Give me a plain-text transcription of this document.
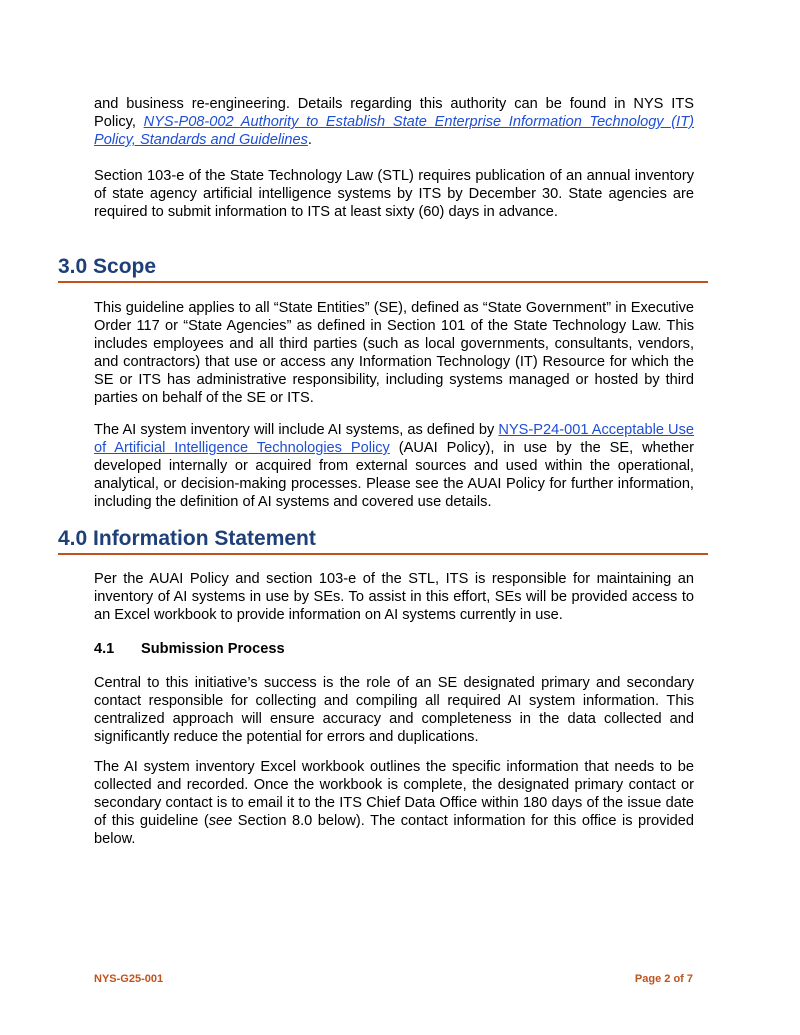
and business re-engineering. Details regarding this authority can be found in NYS ITS Policy, NYS-P08-002 Authority to Establish State Enterprise Information Technology (IT) Policy, Standards and Guidelines.

Section 103-e of the State Technology Law (STL) requires publication of an annual inventory of state agency artificial intelligence systems by ITS by December 30. State agencies are required to submit information to ITS at least sixty (60) days in advance.

3.0 Scope

This guideline applies to all “State Entities” (SE), defined as “State Government” in Executive Order 117 or “State Agencies” as defined in Section 101 of the State Technology Law. This includes employees and all third parties (such as local governments, consultants, vendors, and contractors) that use or access any Information Technology (IT) Resource for which the SE or ITS has administrative responsibility, including systems managed or hosted by third parties on behalf of the SE or ITS.

The AI system inventory will include AI systems, as defined by NYS-P24-001 Acceptable Use of Artificial Intelligence Technologies Policy (AUAI Policy), in use by the SE, whether developed internally or acquired from external sources and used within the operational, analytical, or decision-making processes. Please see the AUAI Policy for further information, including the definition of AI systems and covered use details.

4.0 Information Statement

Per the AUAI Policy and section 103-e of the STL, ITS is responsible for maintaining an inventory of AI systems in use by SEs. To assist in this effort, SEs will be provided access to an Excel workbook to provide information on AI systems currently in use.

4.1 Submission Process

Central to this initiative’s success is the role of an SE designated primary and secondary contact responsible for collecting and compiling all required AI system information. This centralized approach will ensure accuracy and completeness in the data collected and significantly reduce the potential for errors and duplications.

The AI system inventory Excel workbook outlines the specific information that needs to be collected and recorded. Once the workbook is complete, the designated primary contact or secondary contact is to email it to the ITS Chief Data Office within 180 days of the issue date of this guideline (see Section 8.0 below). The contact information for this office is provided below.

NYS-G25-001	Page 2 of 7
